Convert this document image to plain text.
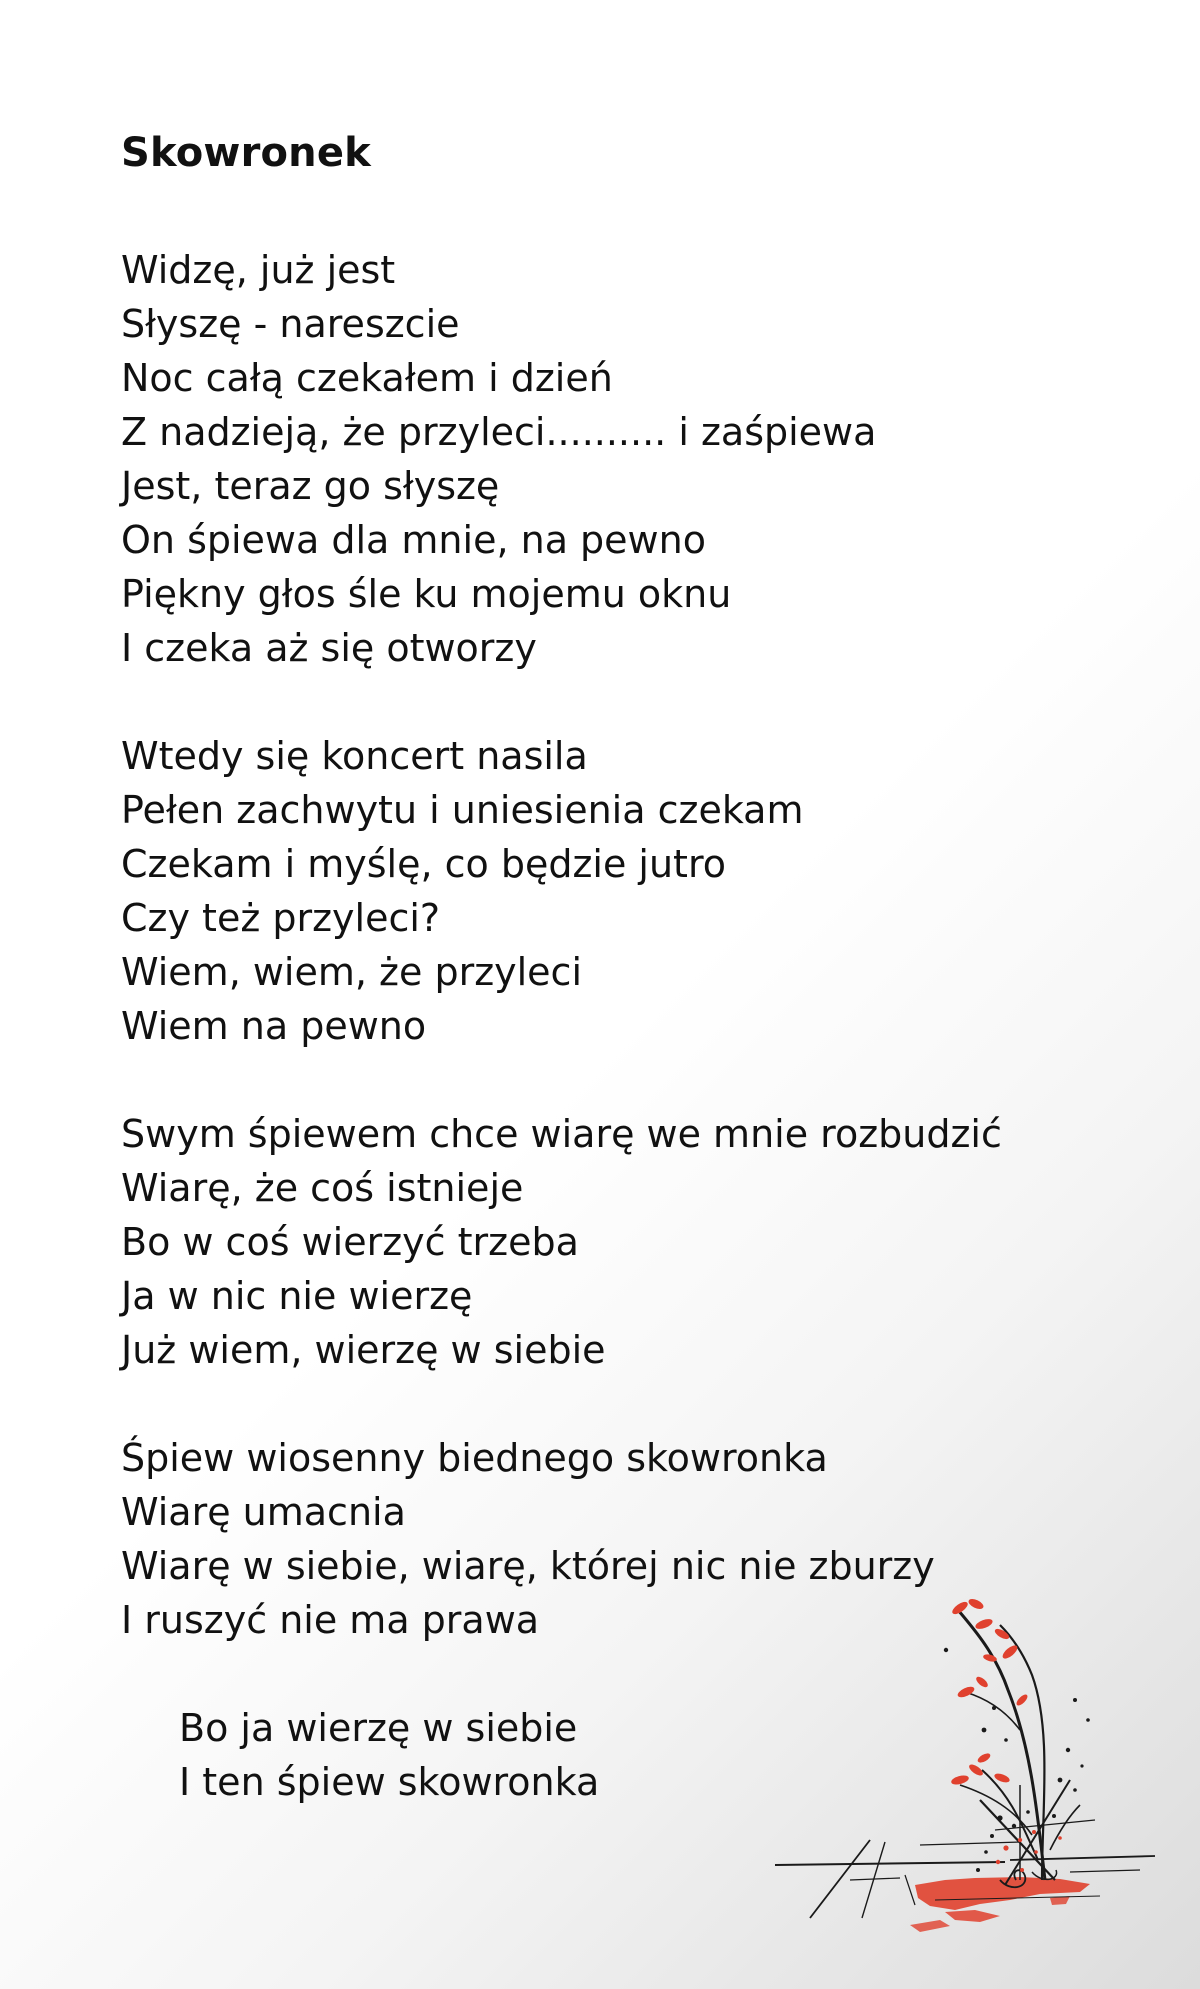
Skowronek
Widzę, już jest
Słyszę - nareszcie
Noc całą czekałem i dzień
Z nadzieją, że przyleci.......... i zaśpiewa
Jest, teraz go słyszę
On śpiewa dla mnie, na pewno
Piękny głos śle ku mojemu oknu
I czeka aż się otworzy
Wtedy się koncert nasila
Pełen zachwytu i uniesienia czekam
Czekam i myślę, co będzie jutro
Czy też przyleci?
Wiem, wiem, że przyleci
Wiem na pewno
Swym śpiewem chce wiarę we mnie rozbudzić
Wiarę, że coś istnieje
Bo w coś wierzyć trzeba
Ja w nic nie wierzę
Już wiem, wierzę w siebie
Śpiew wiosenny biednego skowronka
Wiarę umacnia
Wiarę w siebie, wiarę, której nic nie zburzy
I ruszyć nie ma prawa
Bo ja wierzę w siebie
I ten śpiew skowronka
